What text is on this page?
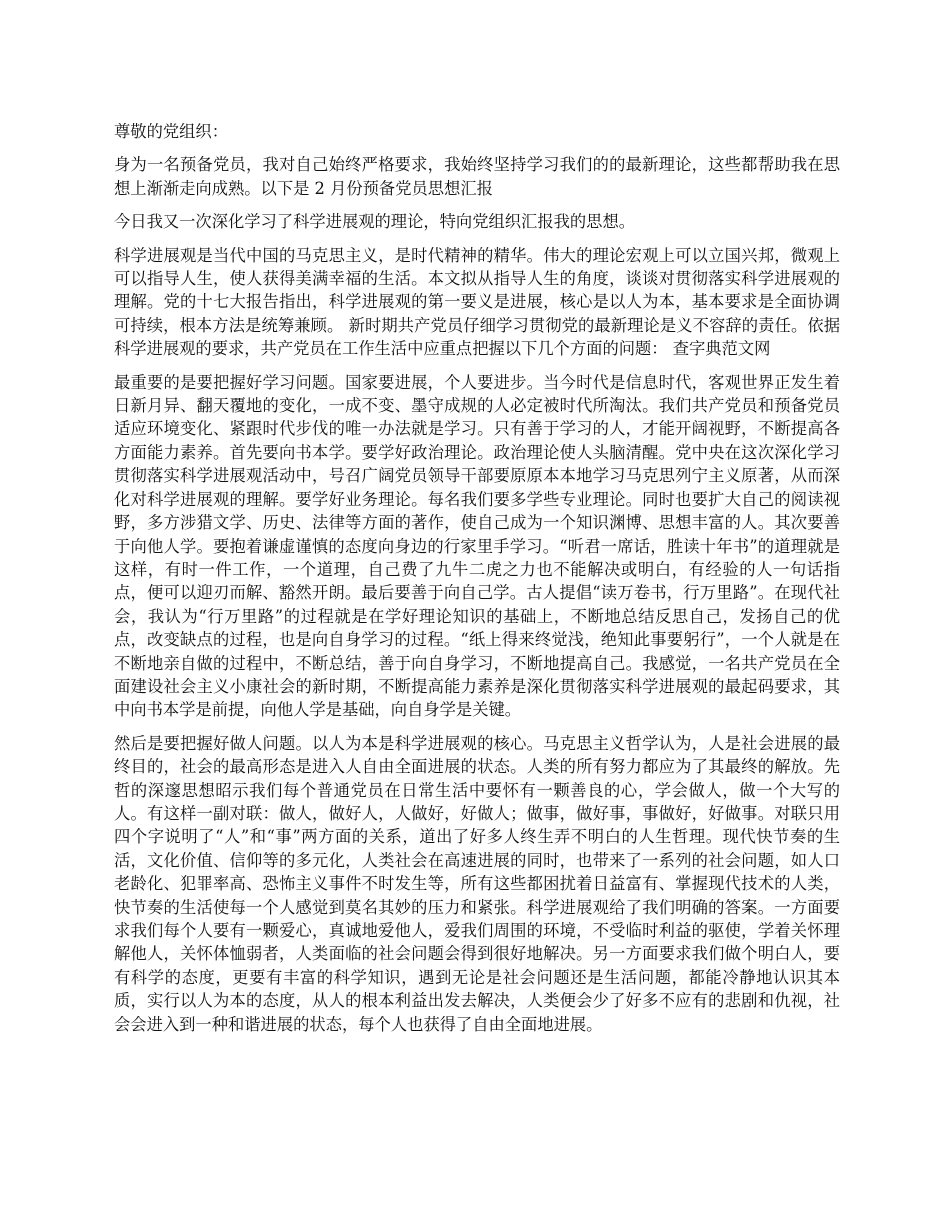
尊敬的党组织：

身为一名预备党员，我对自己始终严格要求，我始终坚持学习我们的的最新理论，这些都帮助我在思想上渐渐走向成熟。以下是 2 月份预备党员思想汇报

今日我又一次深化学习了科学进展观的理论，特向党组织汇报我的思想。

科学进展观是当代中国的马克思主义，是时代精神的精华。伟大的理论宏观上可以立国兴邦，微观上可以指导人生，使人获得美满幸福的生活。本文拟从指导人生的角度，谈谈对贯彻落实科学进展观的理解。党的十七大报告指出，科学进展观的第一要义是进展，核心是以人为本，基本要求是全面协调可持续，根本方法是统筹兼顾。 新时期共产党员仔细学习贯彻党的最新理论是义不容辞的责任。依据科学进展观的要求，共产党员在工作生活中应重点把握以下几个方面的问题： 查字典范文网

最重要的是要把握好学习问题。国家要进展，个人要进步。当今时代是信息时代，客观世界正发生着日新月异、翻天覆地的变化，一成不变、墨守成规的人必定被时代所淘汰。我们共产党员和预备党员适应环境变化、紧跟时代步伐的唯一办法就是学习。只有善于学习的人，才能开阔视野，不断提高各方面能力素养。首先要向书本学。要学好政治理论。政治理论使人头脑清醒。党中央在这次深化学习贯彻落实科学进展观活动中，号召广阔党员领导干部要原原本本地学习马克思列宁主义原著，从而深化对科学进展观的理解。要学好业务理论。每名我们要多学些专业理论。同时也要扩大自己的阅读视野，多方涉猎文学、历史、法律等方面的著作，使自己成为一个知识渊博、思想丰富的人。其次要善于向他人学。要抱着谦虚谨慎的态度向身边的行家里手学习。“听君一席话，胜读十年书”的道理就是这样，有时一件工作，一个道理，自己费了九牛二虎之力也不能解决或明白，有经验的人一句话指点，便可以迎刃而解、豁然开朗。最后要善于向自己学。古人提倡“读万卷书，行万里路”。在现代社会，我认为“行万里路”的过程就是在学好理论知识的基础上，不断地总结反思自己，发扬自己的优点，改变缺点的过程，也是向自身学习的过程。“纸上得来终觉浅，绝知此事要躬行”，一个人就是在不断地亲自做的过程中，不断总结，善于向自身学习，不断地提高自己。我感觉，一名共产党员在全面建设社会主义小康社会的新时期，不断提高能力素养是深化贯彻落实科学进展观的最起码要求，其中向书本学是前提，向他人学是基础，向自身学是关键。

然后是要把握好做人问题。以人为本是科学进展观的核心。马克思主义哲学认为，人是社会进展的最终目的，社会的最高形态是进入人自由全面进展的状态。人类的所有努力都应为了其最终的解放。先哲的深邃思想昭示我们每个普通党员在日常生活中要怀有一颗善良的心，学会做人，做一个大写的人。有这样一副对联：做人，做好人，人做好，好做人；做事，做好事，事做好，好做事。对联只用四个字说明了“人”和“事”两方面的关系，道出了好多人终生弄不明白的人生哲理。现代快节奏的生活，文化价值、信仰等的多元化，人类社会在高速进展的同时，也带来了一系列的社会问题，如人口老龄化、犯罪率高、恐怖主义事件不时发生等，所有这些都困扰着日益富有、掌握现代技术的人类，快节奏的生活使每一个人感觉到莫名其妙的压力和紧张。科学进展观给了我们明确的答案。一方面要求我们每个人要有一颗爱心，真诚地爱他人，爱我们周围的环境，不受临时利益的驱使，学着关怀理解他人，关怀体恤弱者，人类面临的社会问题会得到很好地解决。另一方面要求我们做个明白人，要有科学的态度，更要有丰富的科学知识，遇到无论是社会问题还是生活问题，都能冷静地认识其本质，实行以人为本的态度，从人的根本利益出发去解决，人类便会少了好多不应有的悲剧和仇视，社会会进入到一种和谐进展的状态，每个人也获得了自由全面地进展。
